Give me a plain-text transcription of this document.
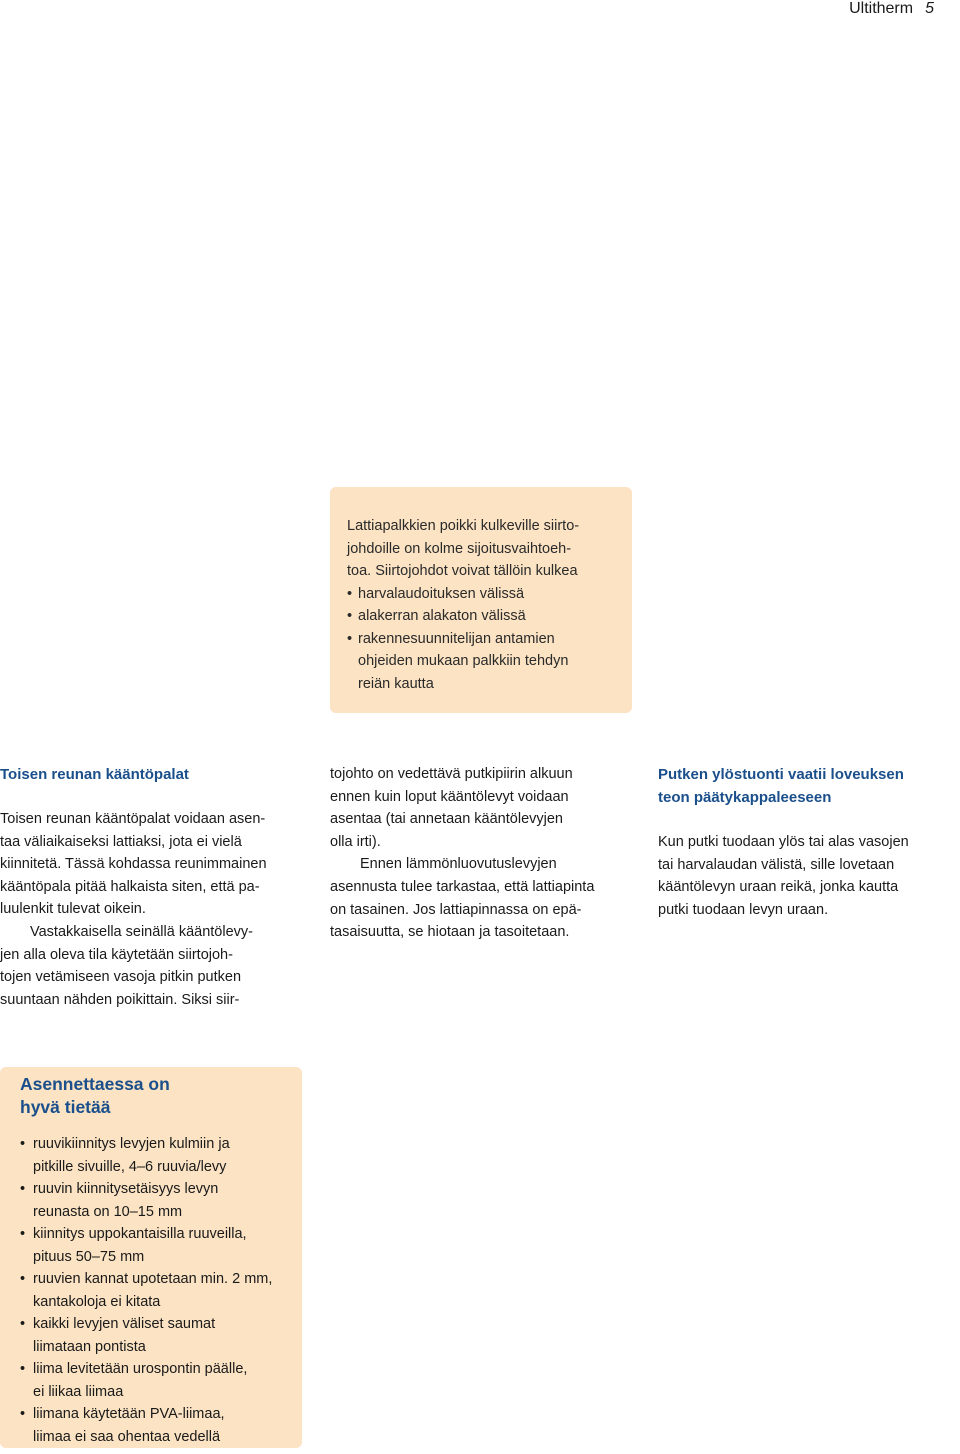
Ultitherm 5

Lattiapalkkien poikki kulkeville siirto-
johdoille on kolme sijoitusvaihtoeh-
toa. Siirtojohdot voivat tällöin kulkea

• harvalaudoituksen välissä
• alakerran alakaton välissä
• rakennesuunnitelijan antamien
ohjeiden mukaan palkkiin tehdyn
reiän kautta
Toisen reunan kääntöpalat

Toisen reunan kääntöpalat voidaan asen-
taa väliaikaiseksi lattiaksi, jota ei vielä
kiinnitetä. Tässä kohdassa reunimmainen
kääntöpala pitää halkaista siten, että pa-
luulenkit tulevat oikein.

Vastakkaisella seinällä kääntölevy-
jen alla oleva tila käytetään siirtojoh-
tojen vetämiseen vasoja pitkin putken
suuntaan nähden poikittain. Siksi siir-

tojohto on vedettävä putkipiirin alkuun
ennen kuin loput kääntölevyt voidaan
asentaa (tai annetaan kääntölevyjen
olla irti).

Ennen lämmönluovutuslevyjen
asennusta tulee tarkastaa, että lattiapinta
on tasainen. Jos lattiapinnassa on epä-
tasaisuutta, se hiotaan ja tasoitetaan.

Putken ylöstuonti vaatii loveuksen
teon päätykappaleeseen

Kun putki tuodaan ylös tai alas vasojen
tai harvalaudan välistä, sille lovetaan
kääntölevyn uraan reikä, jonka kautta
putki tuodaan levyn uraan.

Asennettaessa on
hyvä tietää
• ruuvikiinnitys levyjen kulmiin ja
pitkille sivuille, 4–6 ruuvia/levy
• ruuvin kiinnitysetäisyys levyn
reunasta on 10–15 mm
• kiinnitys uppokantaisilla ruuveilla,
pituus 50–75 mm
• ruuvien kannat upotetaan min. 2 mm,
kantakoloja ei kitata
• kaikki levyjen väliset saumat
liimataan pontista
• liima levitetään urospontin päälle,
ei liikaa liimaa
• liimana käytetään PVA-liimaa,
liimaa ei saa ohentaa vedellä
